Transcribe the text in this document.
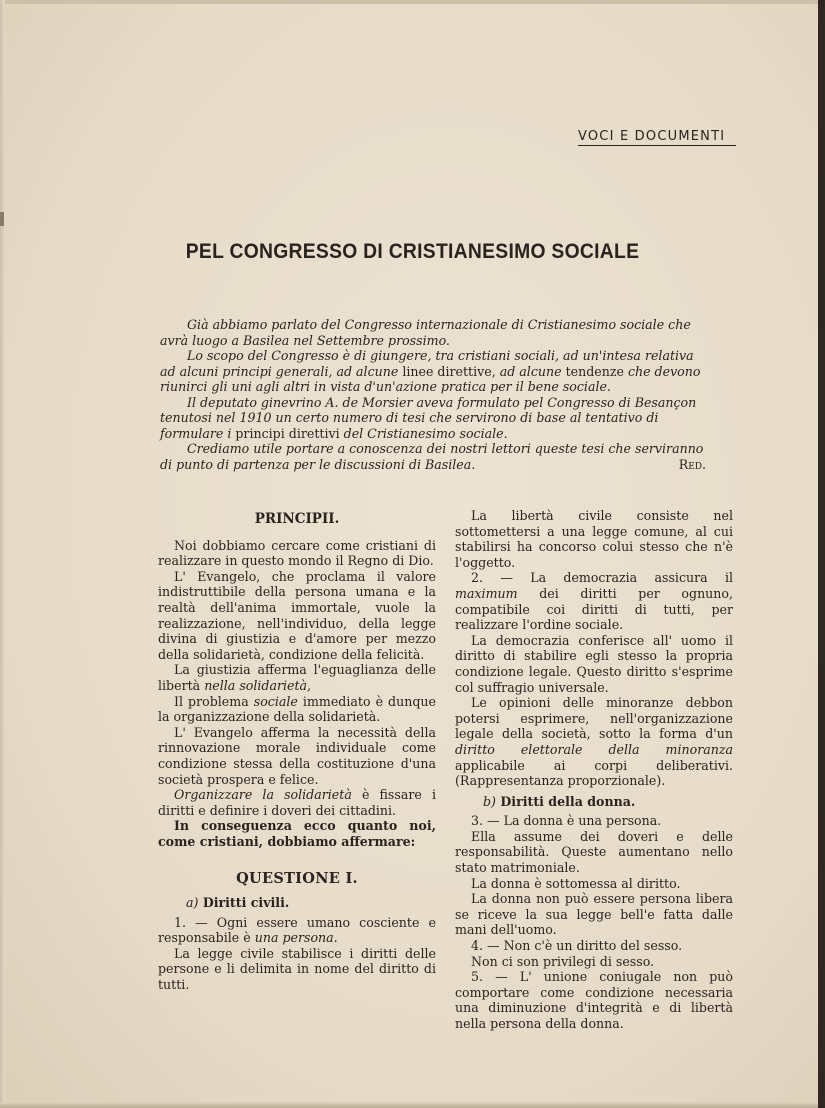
VOCI E DOCUMENTI
PEL CONGRESSO DI CRISTIANESIMO SOCIALE

Già abbiamo parlato del Congresso internazionale di Cristianesimo sociale che avrà luogo a Basilea nel Settembre prossimo.

Lo scopo del Congresso è di giungere, tra cristiani sociali, ad un'intesa relativa ad alcuni principi generali, ad alcune linee direttive, ad alcune tendenze che devono riunirci gli uni agli altri in vista d'un'azione pratica per il bene sociale.

Il deputato ginevrino A. de Morsier aveva formulato pel Congresso di Besançon tenutosi nel 1910 un certo numero di tesi che servirono di base al tentativo di formulare i principi direttivi del Cristianesimo sociale.

Crediamo utile portare a conoscenza dei nostri lettori queste tesi che serviranno di punto di partenza per le discussioni di Basilea.	Red.

PRINCIPII.

Noi dobbiamo cercare come cristiani di realizzare in questo mondo il Regno di Dio.

L' Evangelo, che proclama il valore indistruttibile della persona umana e la realtà dell'anima immortale, vuole la realizzazione, nell'individuo, della legge divina di giustizia e d'amore per mezzo della solidarietà, condizione della felicità.

La giustizia afferma l'eguaglianza delle libertà nella solidarietà,

Il problema sociale immediato è dunque la organizzazione della solidarietà.

L' Evangelo afferma la necessità della rinnovazione morale individuale come condizione stessa della costituzione d'una società prospera e felice.

Organizzare la solidarietà è fissare i diritti e definire i doveri dei cittadini.

In conseguenza ecco quanto noi, come cristiani, dobbiamo affermare:

QUESTIONE I.

a) Diritti civili.

1. — Ogni essere umano cosciente e responsabile è una persona.

La legge civile stabilisce i diritti delle persone e li delimita in nome del diritto di tutti.

La libertà civile consiste nel sottomettersi a una legge comune, al cui stabilirsi ha concorso colui stesso che n'è l'oggetto.

2. — La democrazia assicura il maximum dei diritti per ognuno, compatibile coi diritti di tutti, per realizzare l'ordine sociale.

La democrazia conferisce all' uomo il diritto di stabilire egli stesso la propria condizione legale. Questo diritto s'esprime col suffragio universale.

Le opinioni delle minoranze debbon potersi esprimere, nell'organizzazione legale della società, sotto la forma d'un diritto elettorale della minoranza applicabile ai corpi deliberativi. (Rappresentanza proporzionale).

b) Diritti della donna.

3. — La donna è una persona.

Ella assume dei doveri e delle responsabilità. Queste aumentano nello stato matrimoniale.

La donna è sottomessa al diritto.

La donna non può essere persona libera se riceve la sua legge bell'e fatta dalle mani dell'uomo.

4. — Non c'è un diritto del sesso.

Non ci son privilegi di sesso.

5. — L' unione coniugale non può comportare come condizione necessaria una diminuzione d'integrità e di libertà nella persona della donna.
